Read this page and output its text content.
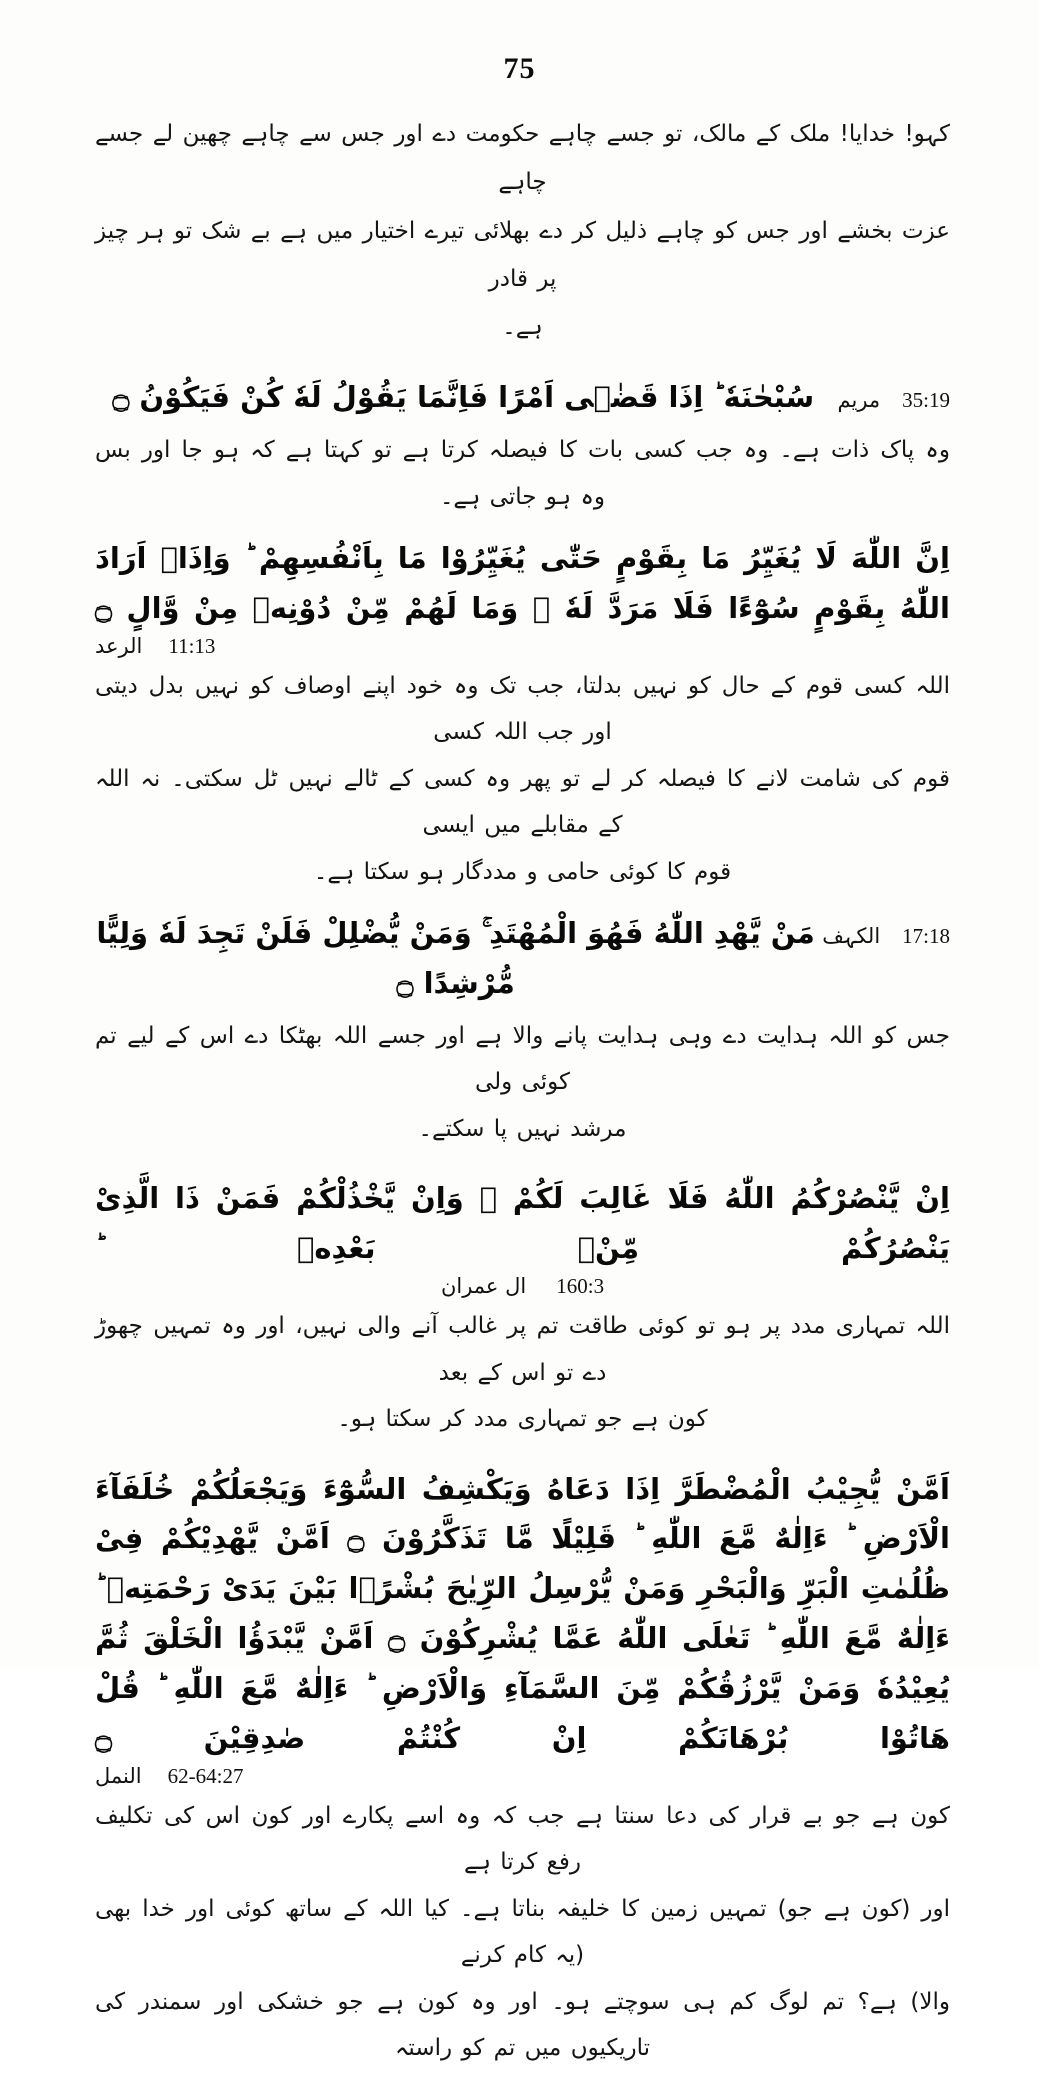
75
کہو! خدایا! ملک کے مالک، تو جسے چاہے حکومت دے اور جس سے چاہے چھین لے جسے چاہے
عزت بخشے اور جس کو چاہے ذلیل کر دے بھلائی تیرے اختیار میں ہے بے شک تو ہر چیز پر قادر
ہے۔
35:19
مریم
سُبْحٰنَهٗ ؕ اِذَا قَضٰۤى اَمْرًا فَاِنَّمَا يَقُوْلُ لَهٗ كُنْ فَيَكُوْنُ ۝
وہ پاک ذات ہے۔ وہ جب کسی بات کا فیصلہ کرتا ہے تو کہتا ہے کہ ہو جا اور بس وہ ہو جاتی ہے۔
اِنَّ اللّٰهَ لَا يُغَيِّرُ مَا بِقَوْمٍ حَتّٰى يُغَيِّرُوْا مَا بِاَنْفُسِهِمْ ؕ وَاِذَاۤ اَرَادَ اللّٰهُ بِقَوْمٍ سُوْٓءًا فَلَا مَرَدَّ لَهٗ ۚ وَمَا لَهُمْ مِّنْ دُوْنِهٖ مِنْ وَّالٍ ۝
الرعد 11:13
اللہ کسی قوم کے حال کو نہیں بدلتا، جب تک وہ خود اپنے اوصاف کو نہیں بدل دیتی اور جب اللہ کسی
قوم کی شامت لانے کا فیصلہ کر لے تو پھر وہ کسی کے ٹالے نہیں ٹل سکتی۔ نہ اللہ کے مقابلے میں ایسی
قوم کا کوئی حامی و مددگار ہو سکتا ہے۔
17:18
الکہف
مَنْ يَّهْدِ اللّٰهُ فَهُوَ الْمُهْتَدِ ۚ وَمَنْ يُّضْلِلْ فَلَنْ تَجِدَ لَهٗ وَلِيًّا مُّرْشِدًا ۝
جس کو اللہ ہدایت دے وہی ہدایت پانے والا ہے اور جسے اللہ بھٹکا دے اس کے لیے تم کوئی ولی
مرشد نہیں پا سکتے۔
اِنْ يَّنْصُرْكُمُ اللّٰهُ فَلَا غَالِبَ لَكُمْ ۚ وَاِنْ يَّخْذُلْكُمْ فَمَنْ ذَا الَّذِىْ يَنْصُرُكُمْ مِّنْۢ بَعْدِهٖ ؕ
ال عمران 160:3
اللہ تمہاری مدد پر ہو تو کوئی طاقت تم پر غالب آنے والی نہیں، اور وہ تمہیں چھوڑ دے تو اس کے بعد
کون ہے جو تمہاری مدد کر سکتا ہو۔
اَمَّنْ يُّجِيْبُ الْمُضْطَرَّ اِذَا دَعَاهُ وَيَكْشِفُ السُّوْٓءَ وَيَجْعَلُكُمْ خُلَفَآءَ الْاَرْضِ ؕ ءَاِلٰهٌ مَّعَ اللّٰهِ ؕ قَلِيْلًا مَّا تَذَكَّرُوْنَ ۝ اَمَّنْ يَّهْدِيْكُمْ فِىْ ظُلُمٰتِ الْبَرِّ وَالْبَحْرِ وَمَنْ يُّرْسِلُ الرِّيٰحَ بُشْرًۢا بَيْنَ يَدَىْ رَحْمَتِهٖ ؕ ءَاِلٰهٌ مَّعَ اللّٰهِ ؕ تَعٰلَى اللّٰهُ عَمَّا يُشْرِكُوْنَ ۝ اَمَّنْ يَّبْدَؤُا الْخَلْقَ ثُمَّ يُعِيْدُهٗ وَمَنْ يَّرْزُقُكُمْ مِّنَ السَّمَآءِ وَالْاَرْضِ ؕ ءَاِلٰهٌ مَّعَ اللّٰهِ ؕ قُلْ هَاتُوْا بُرْهَانَكُمْ اِنْ كُنْتُمْ صٰدِقِيْنَ ۝
النمل 62-64:27
کون ہے جو بے قرار کی دعا سنتا ہے جب کہ وہ اسے پکارے اور کون اس کی تکلیف رفع کرتا ہے
اور (کون ہے جو) تمہیں زمین کا خلیفہ بناتا ہے۔ کیا اللہ کے ساتھ کوئی اور خدا بھی (یہ کام کرنے
والا) ہے؟ تم لوگ کم ہی سوچتے ہو۔ اور وہ کون ہے جو خشکی اور سمندر کی تاریکیوں میں تم کو راستہ
